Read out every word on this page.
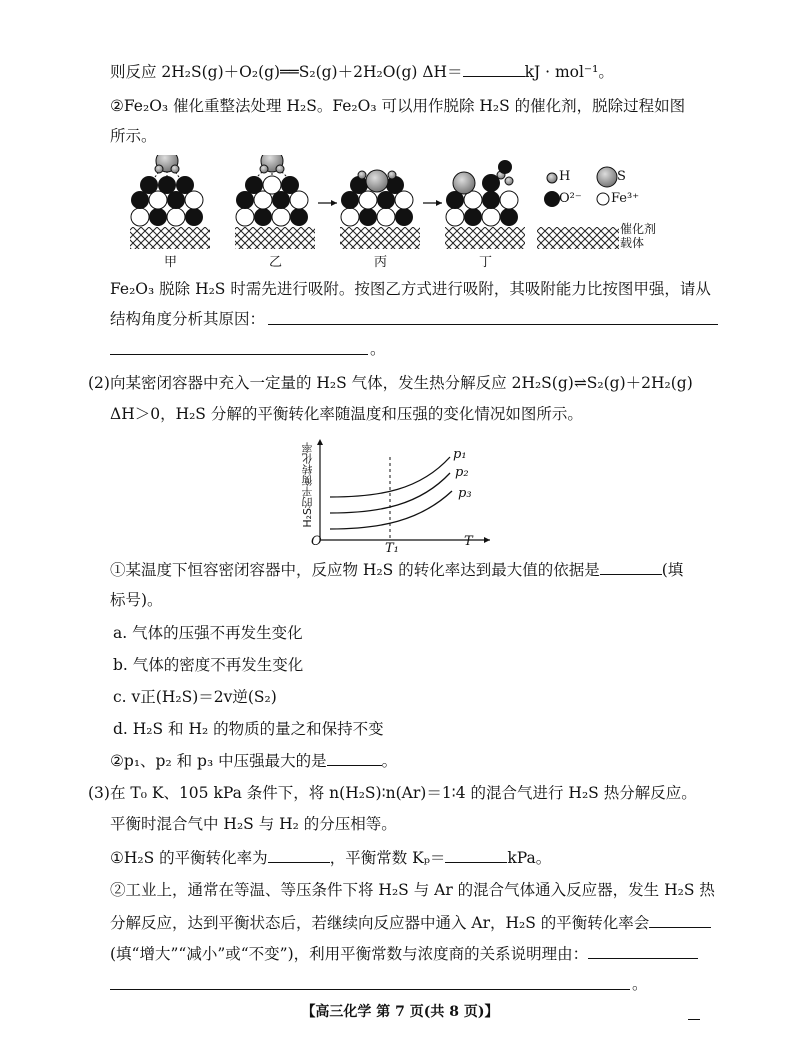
则反应 2H₂S(g)＋O₂(g)══S₂(g)＋2H₂O(g) ΔH＝	kJ · mol⁻¹。
②Fe₂O₃ 催化重整法处理 H₂S。Fe₂O₃ 可以用作脱除 H₂S 的催化剂，脱除过程如图
所示。
H	S
O²⁻ Fe³⁺
催化剂
载体
甲	乙	丙	丁
Fe₂O₃ 脱除 H₂S 时需先进行吸附。按图乙方式进行吸附，其吸附能力比按图甲强，请从
结构角度分析其原因：
。
(2)向某密闭容器中充入一定量的 H₂S 气体，发生热分解反应 2H₂S(g)⇌S₂(g)＋2H₂(g)
ΔH＞0，H₂S 分解的平衡转化率随温度和压强的变化情况如图所示。
H₂S的平衡转化率
O	T₁	T
p₁
p₂
p₃
①某温度下恒容密闭容器中，反应物 H₂S 的转化率达到最大值的依据是	(填
标号)。
a. 气体的压强不再发生变化
b. 气体的密度不再发生变化
c. v正(H₂S)＝2v逆(S₂)
d. H₂S 和 H₂ 的物质的量之和保持不变
②p₁、p₂ 和 p₃ 中压强最大的是	。
(3)在 T₀ K、105 kPa 条件下，将 n(H₂S)∶n(Ar)＝1∶4 的混合气进行 H₂S 热分解反应。
平衡时混合气中 H₂S 与 H₂ 的分压相等。
①H₂S 的平衡转化率为	，平衡常数 Kₚ＝	kPa。
②工业上，通常在等温、等压条件下将 H₂S 与 Ar 的混合气体通入反应器，发生 H₂S 热
分解反应，达到平衡状态后，若继续向反应器中通入 Ar，H₂S 的平衡转化率会
(填“增大”“减小”或“不变”)，利用平衡常数与浓度商的关系说明理由：
。
【高三化学 第 7 页(共 8 页)】
